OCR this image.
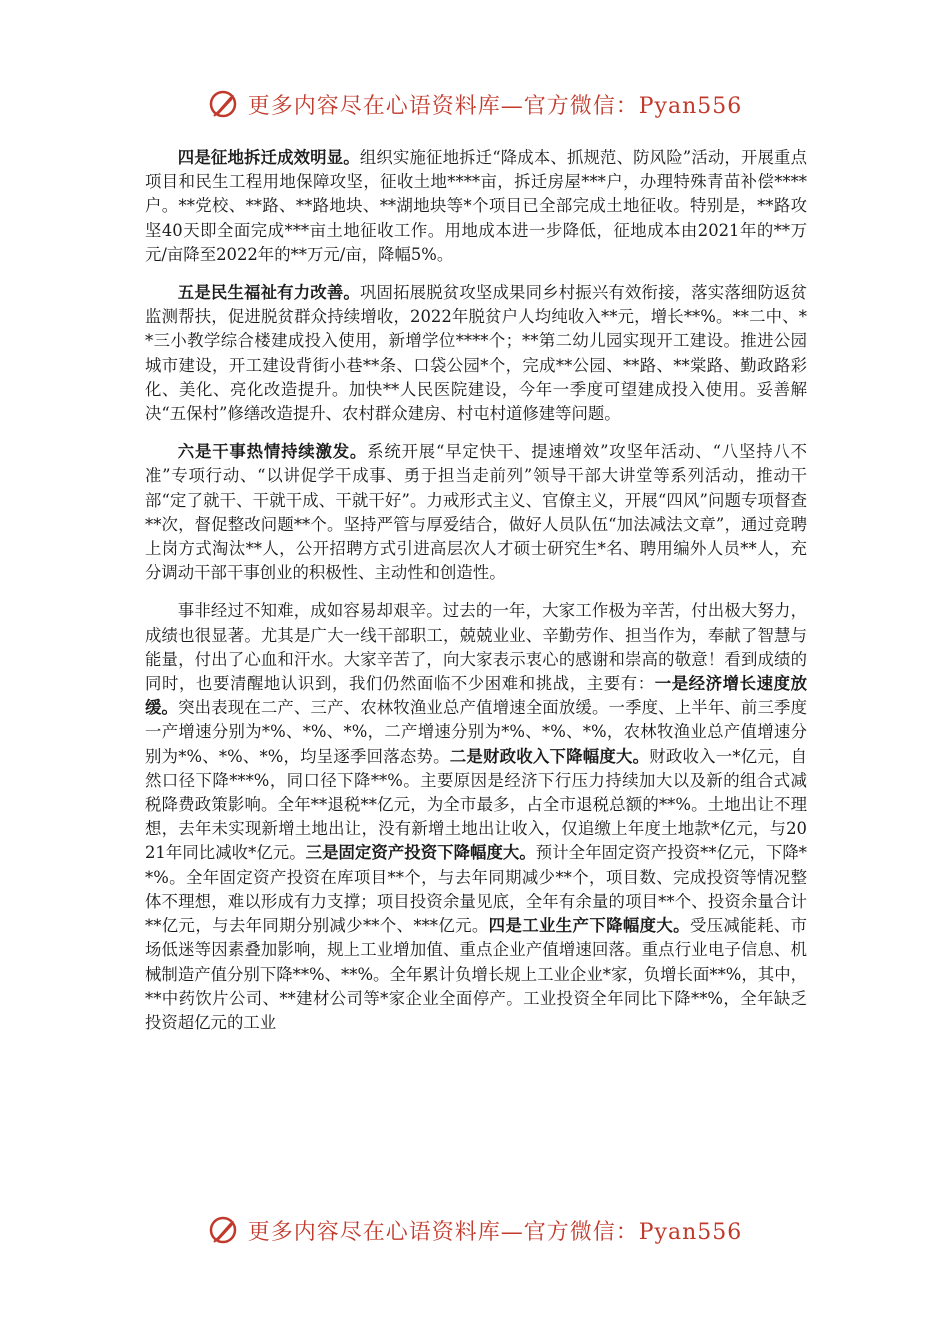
更多内容尽在心语资料库—官方微信：Pyan556

四是征地拆迁成效明显。组织实施征地拆迁“降成本、抓规范、防风险”活动，开展重点项目和民生工程用地保障攻坚，征收土地****亩，拆迁房屋***户，办理特殊青苗补偿****户。**党校、**路、**路地块、**湖地块等*个项目已全部完成土地征收。特别是，**路攻坚40天即全面完成***亩土地征收工作。用地成本进一步降低，征地成本由2021年的**万元/亩降至2022年的**万元/亩，降幅5%。

五是民生福祉有力改善。巩固拓展脱贫攻坚成果同乡村振兴有效衔接，落实落细防返贫监测帮扶，促进脱贫群众持续增收，2022年脱贫户人均纯收入**元，增长**%。**二中、**三小教学综合楼建成投入使用，新增学位****个；**第二幼儿园实现开工建设。推进公园城市建设，开工建设背街小巷**条、口袋公园*个，完成**公园、**路、**棠路、勤政路彩化、美化、亮化改造提升。加快**人民医院建设，今年一季度可望建成投入使用。妥善解决“五保村”修缮改造提升、农村群众建房、村屯村道修建等问题。

六是干事热情持续激发。系统开展“早定快干、提速增效”攻坚年活动、“八坚持八不准”专项行动、“以讲促学干成事、勇于担当走前列”领导干部大讲堂等系列活动，推动干部“定了就干、干就干成、干就干好”。力戒形式主义、官僚主义，开展“四风”问题专项督查**次，督促整改问题**个。坚持严管与厚爱结合，做好人员队伍“加法减法文章”，通过竞聘上岗方式淘汰**人，公开招聘方式引进高层次人才硕士研究生*名、聘用编外人员**人，充分调动干部干事创业的积极性、主动性和创造性。

事非经过不知难，成如容易却艰辛。过去的一年，大家工作极为辛苦，付出极大努力，成绩也很显著。尤其是广大一线干部职工，兢兢业业、辛勤劳作、担当作为，奉献了智慧与能量，付出了心血和汗水。大家辛苦了，向大家表示衷心的感谢和崇高的敬意！看到成绩的同时，也要清醒地认识到，我们仍然面临不少困难和挑战，主要有：一是经济增长速度放缓。突出表现在二产、三产、农林牧渔业总产值增速全面放缓。一季度、上半年、前三季度一产增速分别为*%、*%、*%，二产增速分别为*%、*%、*%，农林牧渔业总产值增速分别为*%、*%、*%，均呈逐季回落态势。二是财政收入下降幅度大。财政收入一*亿元，自然口径下降***%，同口径下降**%。主要原因是经济下行压力持续加大以及新的组合式减税降费政策影响。全年**退税**亿元，为全市最多，占全市退税总额的**%。土地出让不理想，去年未实现新增土地出让，没有新增土地出让收入，仅追缴上年度土地款*亿元，与2021年同比减收*亿元。三是固定资产投资下降幅度大。预计全年固定资产投资**亿元，下降**%。全年固定资产投资在库项目**个，与去年同期减少**个，项目数、完成投资等情况整体不理想，难以形成有力支撑；项目投资余量见底，全年有余量的项目**个、投资余量合计**亿元，与去年同期分别减少**个、***亿元。四是工业生产下降幅度大。受压减能耗、市场低迷等因素叠加影响，规上工业增加值、重点企业产值增速回落。重点行业电子信息、机械制造产值分别下降**%、**%。全年累计负增长规上工业企业*家，负增长面**%，其中，**中药饮片公司、**建材公司等*家企业全面停产。工业投资全年同比下降**%，全年缺乏投资超亿元的工业

更多内容尽在心语资料库—官方微信：Pyan556
